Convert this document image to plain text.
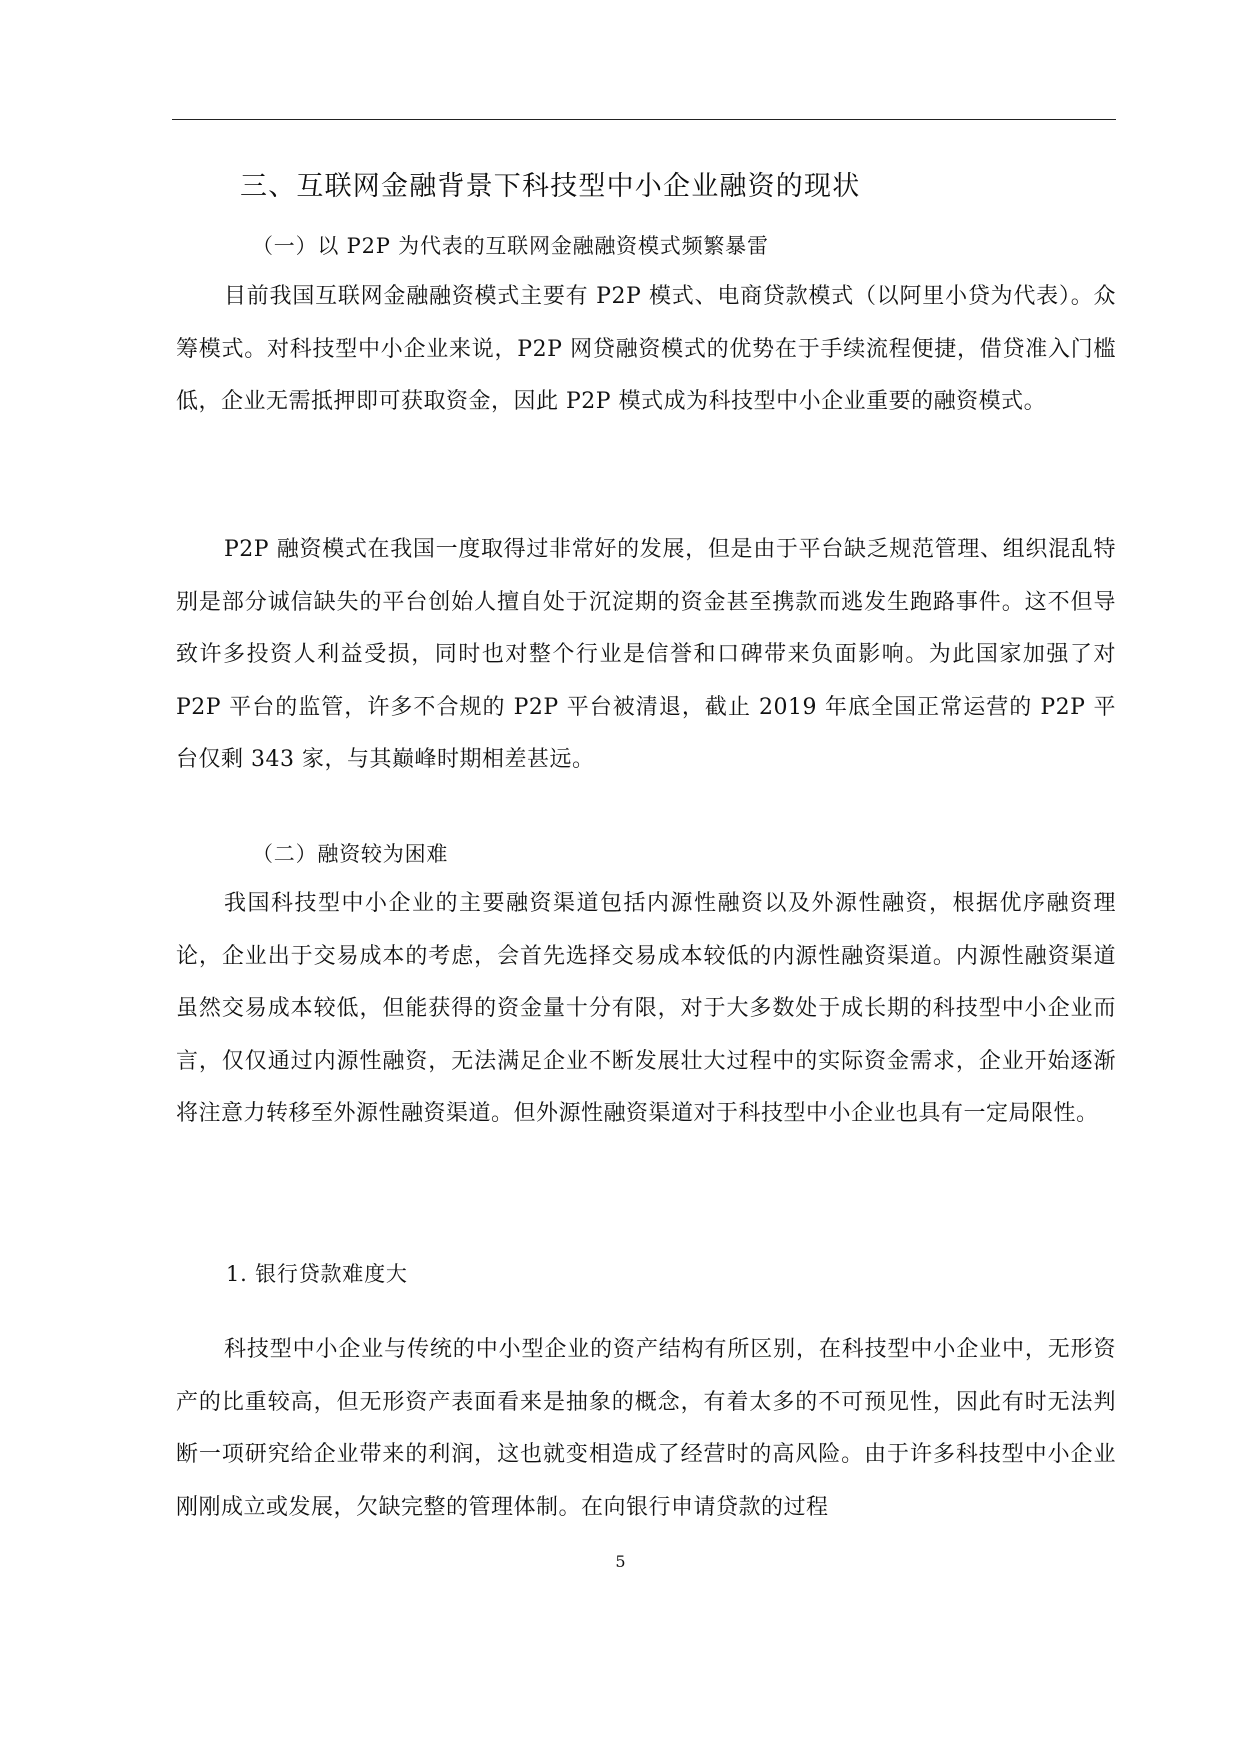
三、互联网金融背景下科技型中小企业融资的现状
（一）以 P2P 为代表的互联网金融融资模式频繁暴雷

目前我国互联网金融融资模式主要有 P2P 模式、电商贷款模式（以阿里小贷为代表）。众筹模式。对科技型中小企业来说，P2P 网贷融资模式的优势在于手续流程便捷，借贷准入门槛低，企业无需抵押即可获取资金，因此 P2P 模式成为科技型中小企业重要的融资模式。

P2P 融资模式在我国一度取得过非常好的发展，但是由于平台缺乏规范管理、组织混乱特别是部分诚信缺失的平台创始人擅自处于沉淀期的资金甚至携款而逃发生跑路事件。这不但导致许多投资人利益受损，同时也对整个行业是信誉和口碑带来负面影响。为此国家加强了对 P2P 平台的监管，许多不合规的 P2P 平台被清退，截止 2019 年底全国正常运营的 P2P 平台仅剩 343 家，与其巅峰时期相差甚远。

（二）融资较为困难

我国科技型中小企业的主要融资渠道包括内源性融资以及外源性融资，根据优序融资理论，企业出于交易成本的考虑，会首先选择交易成本较低的内源性融资渠道。内源性融资渠道虽然交易成本较低，但能获得的资金量十分有限，对于大多数处于成长期的科技型中小企业而言，仅仅通过内源性融资，无法满足企业不断发展壮大过程中的实际资金需求，企业开始逐渐将注意力转移至外源性融资渠道。但外源性融资渠道对于科技型中小企业也具有一定局限性。

1. 银行贷款难度大

科技型中小企业与传统的中小型企业的资产结构有所区别，在科技型中小企业中，无形资产的比重较高，但无形资产表面看来是抽象的概念，有着太多的不可预见性，因此有时无法判断一项研究给企业带来的利润，这也就变相造成了经营时的高风险。由于许多科技型中小企业刚刚成立或发展，欠缺完整的管理体制。在向银行申请贷款的过程

5
